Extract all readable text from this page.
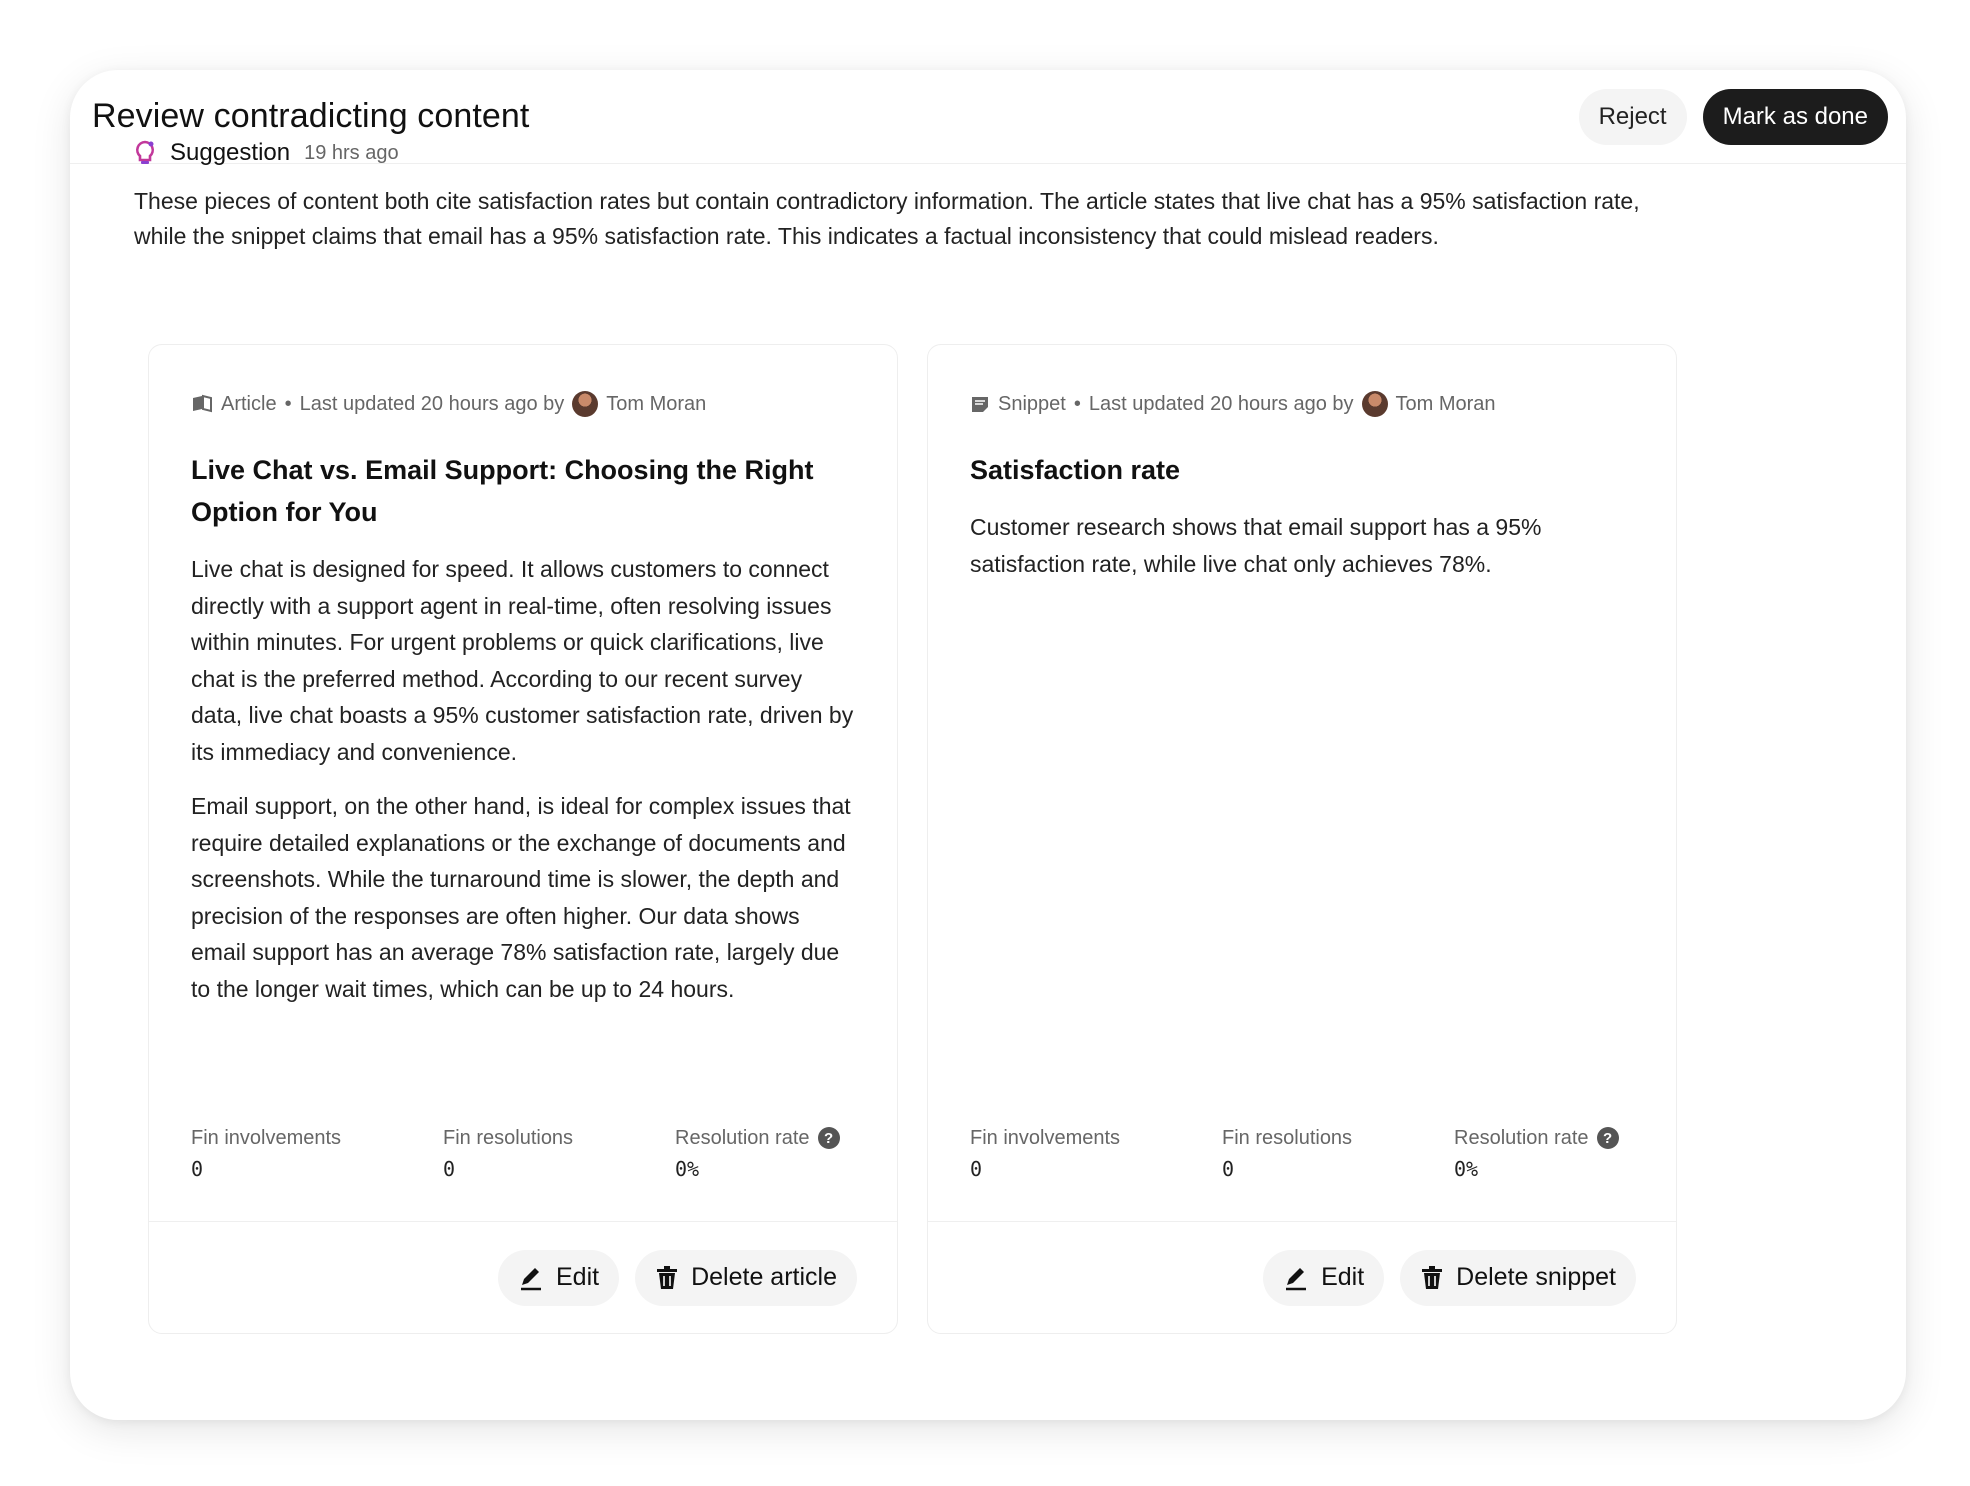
Review contradicting content	Reject	Mark as done
Suggestion 19 hrs ago

These pieces of content both cite satisfaction rates but contain contradictory information. The article states that live chat has a 95% satisfaction rate, while the snippet claims that email has a 95% satisfaction rate. This indicates a factual inconsistency that could mislead readers.

Article • Last updated 20 hours ago by Tom Moran
Live Chat vs. Email Support: Choosing the Right Option for You

Live chat is designed for speed. It allows customers to connect directly with a support agent in real-time, often resolving issues within minutes. For urgent problems or quick clarifications, live chat is the preferred method. According to our recent survey data, live chat boasts a 95% customer satisfaction rate, driven by its immediacy and convenience.

Email support, on the other hand, is ideal for complex issues that require detailed explanations or the exchange of documents and screenshots. While the turnaround time is slower, the depth and precision of the responses are often higher. Our data shows email support has an average 78% satisfaction rate, largely due to the longer wait times, which can be up to 24 hours.

Fin involvements
0
Fin resolutions
0
Resolution rate ?
0%
Edit	Delete article
Snippet • Last updated 20 hours ago by Tom Moran
Satisfaction rate

Customer research shows that email support has a 95% satisfaction rate, while live chat only achieves 78%.

Fin involvements
0
Fin resolutions
0
Resolution rate ?
0%
Edit	Delete snippet
